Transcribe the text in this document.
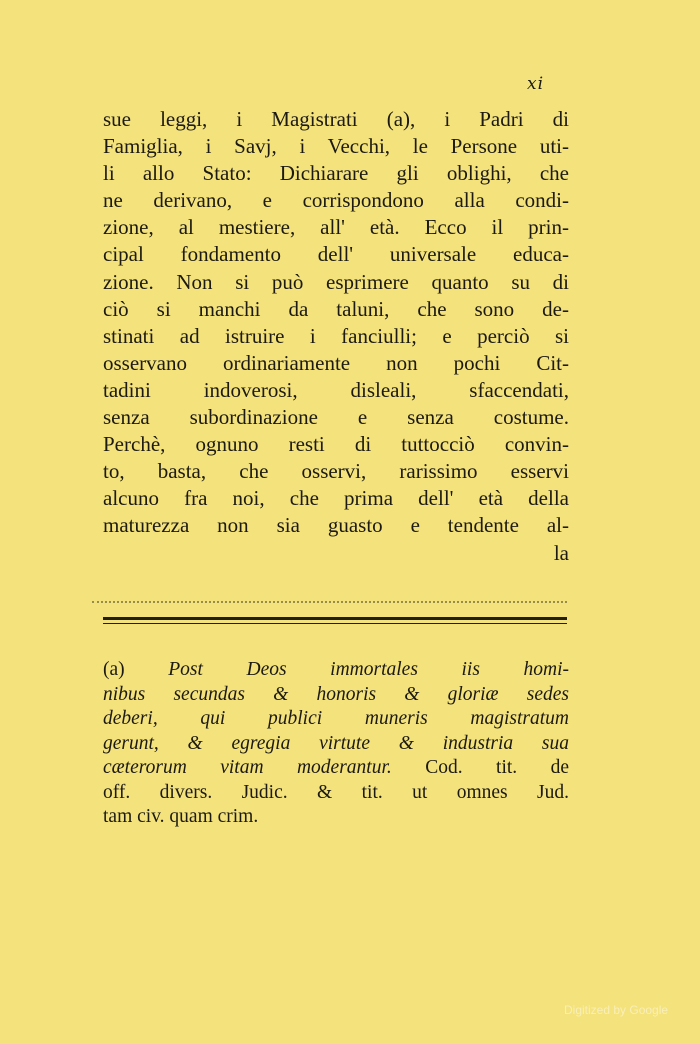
xi
sue leggi, i Magistrati (a), i Padri di
Famiglia, i Savj, i Vecchi, le Persone uti-
li allo Stato: Dichiarare gli oblighi, che
ne derivano, e corrispondono alla condi-
zione, al mestiere, all' età. Ecco il prin-
cipal fondamento dell' universale educa-
zione. Non si può esprimere quanto su di
ciò si manchi da taluni, che sono de-
stinati ad istruire i fanciulli; e perciò si
osservano ordinariamente non pochi Cit-
tadini indoverosi, disleali, sfaccendati,
senza subordinazione e senza costume.
Perchè, ognuno resti di tuttocciò convin-
to, basta, che osservi, rarissimo esservi
alcuno fra noi, che prima dell' età della
maturezza non sia guasto e tendente al-
la
(a) Post Deos immortales iis homi-
nibus secundas & honoris & gloriæ sedes
deberi, qui publici muneris magistratum
gerunt, & egregia virtute & industria sua
cæterorum vitam moderantur. Cod. tit. de
off. divers. Judic. & tit. ut omnes Jud.
tam civ. quam crim.
Digitized by Google
